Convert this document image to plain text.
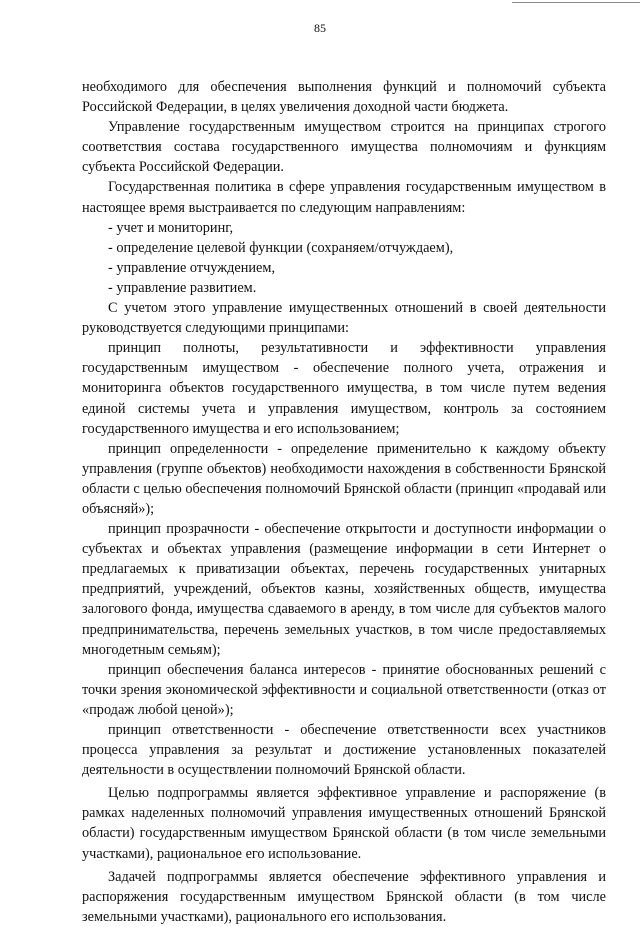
85

необходимого для обеспечения выполнения функций и полномочий субъекта Российской Федерации, в целях увеличения доходной части бюджета.

Управление государственным имуществом строится на принципах строгого соответствия состава государственного имущества полномочиям и функциям субъекта Российской Федерации.

Государственная политика в сфере управления государственным имуществом в настоящее время выстраивается по следующим направлениям:

- учет и мониторинг,

- определение целевой функции (сохраняем/отчуждаем),

- управление отчуждением,

- управление развитием.

С учетом этого управление имущественных отношений в своей деятельности руководствуется следующими принципами:

принцип полноты, результативности и эффективности управления государственным имуществом - обеспечение полного учета, отражения и мониторинга объектов государственного имущества, в том числе путем ведения единой системы учета и управления имуществом, контроль за состоянием государственного имущества и его использованием;

принцип определенности - определение применительно к каждому объекту управления (группе объектов) необходимости нахождения в собственности Брянской области с целью обеспечения полномочий Брянской области (принцип «продавай или объясняй»);

принцип прозрачности - обеспечение открытости и доступности информации о субъектах и объектах управления (размещение информации в сети Интернет о предлагаемых к приватизации объектах, перечень государственных унитарных предприятий, учреждений, объектов казны, хозяйственных обществ, имущества залогового фонда, имущества сдаваемого в аренду, в том числе для субъектов малого предпринимательства, перечень земельных участков, в том числе предоставляемых многодетным семьям);

принцип обеспечения баланса интересов - принятие обоснованных решений с точки зрения экономической эффективности и социальной ответственности (отказ от «продаж любой ценой»);

принцип ответственности - обеспечение ответственности всех участников процесса управления за результат и достижение установленных показателей деятельности в осуществлении полномочий Брянской области.

Целью подпрограммы является эффективное управление и распоряжение (в рамках наделенных полномочий управления имущественных отношений Брянской области) государственным имуществом Брянской области (в том числе земельными участками), рациональное его использование.

Задачей подпрограммы является обеспечение эффективного управления и распоряжения государственным имуществом Брянской области (в том числе земельными участками), рационального его использования.
